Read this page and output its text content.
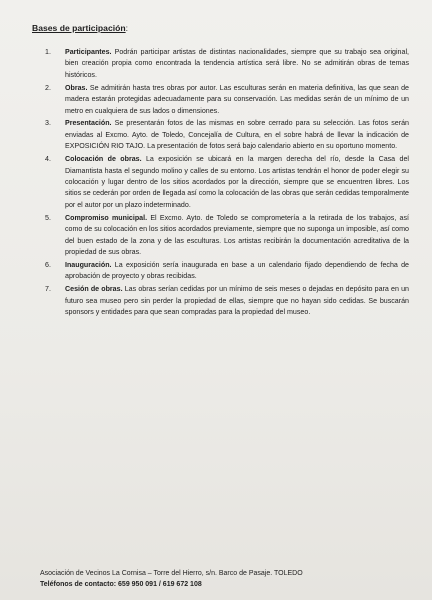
Bases de participación:
1. Participantes. Podrán participar artistas de distintas nacionalidades, siempre que su trabajo sea original, bien creación propia como encontrada la tendencia artística será libre. No se admitirán obras de temas históricos.
2. Obras. Se admitirán hasta tres obras por autor. Las esculturas serán en materia definitiva, las que sean de madera estarán protegidas adecuadamente para su conservación. Las medidas serán de un mínimo de un metro en cualquiera de sus lados o dimensiones.
3. Presentación. Se presentarán fotos de las mismas en sobre cerrado para su selección. Las fotos serán enviadas al Excmo. Ayto. de Toledo, Concejalía de Cultura, en el sobre habrá de llevar la indicación de EXPOSICIÓN RIO TAJO. La presentación de fotos será bajo calendario abierto en su oportuno momento.
4. Colocación de obras. La exposición se ubicará en la margen derecha del río, desde la Casa del Diamantista hasta el segundo molino y calles de su entorno. Los artistas tendrán el honor de poder elegir su colocación y lugar dentro de los sitios acordados por la dirección, siempre que se encuentren libres. Los sitios se cederán por orden de llegada así como la colocación de las obras que serán cedidas temporalmente por el autor por un plazo indeterminado.
5. Compromiso municipal. El Excmo. Ayto. de Toledo se comprometería a la retirada de los trabajos, así como de su colocación en los sitios acordados previamente, siempre que no suponga un imposible, así como del buen estado de la zona y de las esculturas. Los artistas recibirán la documentación acreditativa de la propiedad de sus obras.
6. Inauguración. La exposición sería inaugurada en base a un calendario fijado dependiendo de fecha de aprobación de proyecto y obras recibidas.
7. Cesión de obras. Las obras serían cedidas por un mínimo de seis meses o dejadas en depósito para en un futuro sea museo pero sin perder la propiedad de ellas, siempre que no hayan sido cedidas. Se buscarán sponsors y entidades para que sean compradas para la propiedad del museo.
Asociación de Vecinos La Cornisa – Torre del Hierro, s/n. Barco de Pasaje. TOLEDO
Teléfonos de contacto: 659 950 091 / 619 672 108
